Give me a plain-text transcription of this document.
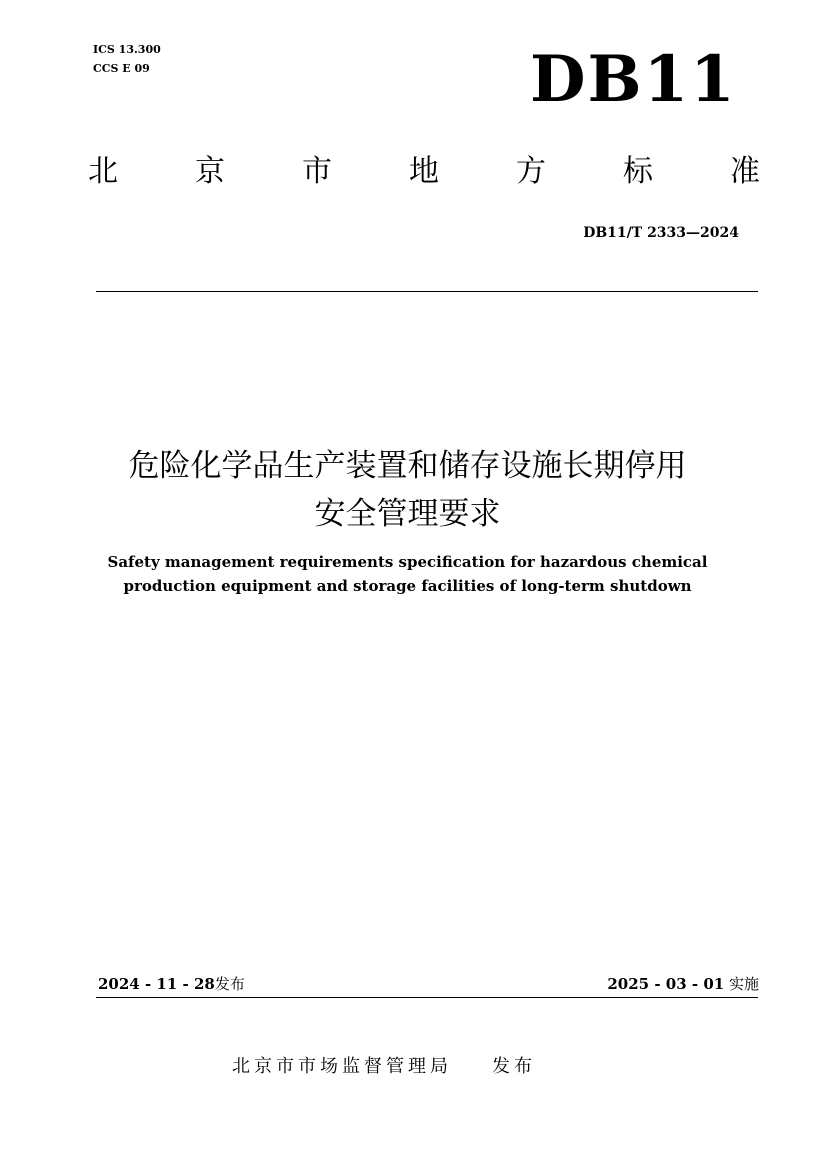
ICS 13.300
CCS E 09	DB11
北	京	市	地	方	标	准
DB11/T 2333—2024
危险化学品生产装置和储存设施长期停用
安全管理要求
Safety management requirements specification for hazardous chemical
production equipment and storage facilities of long-term shutdown
2024 - 11 - 28发布	2025 - 03 - 01 实施
北京市市场监督管理局 发布
